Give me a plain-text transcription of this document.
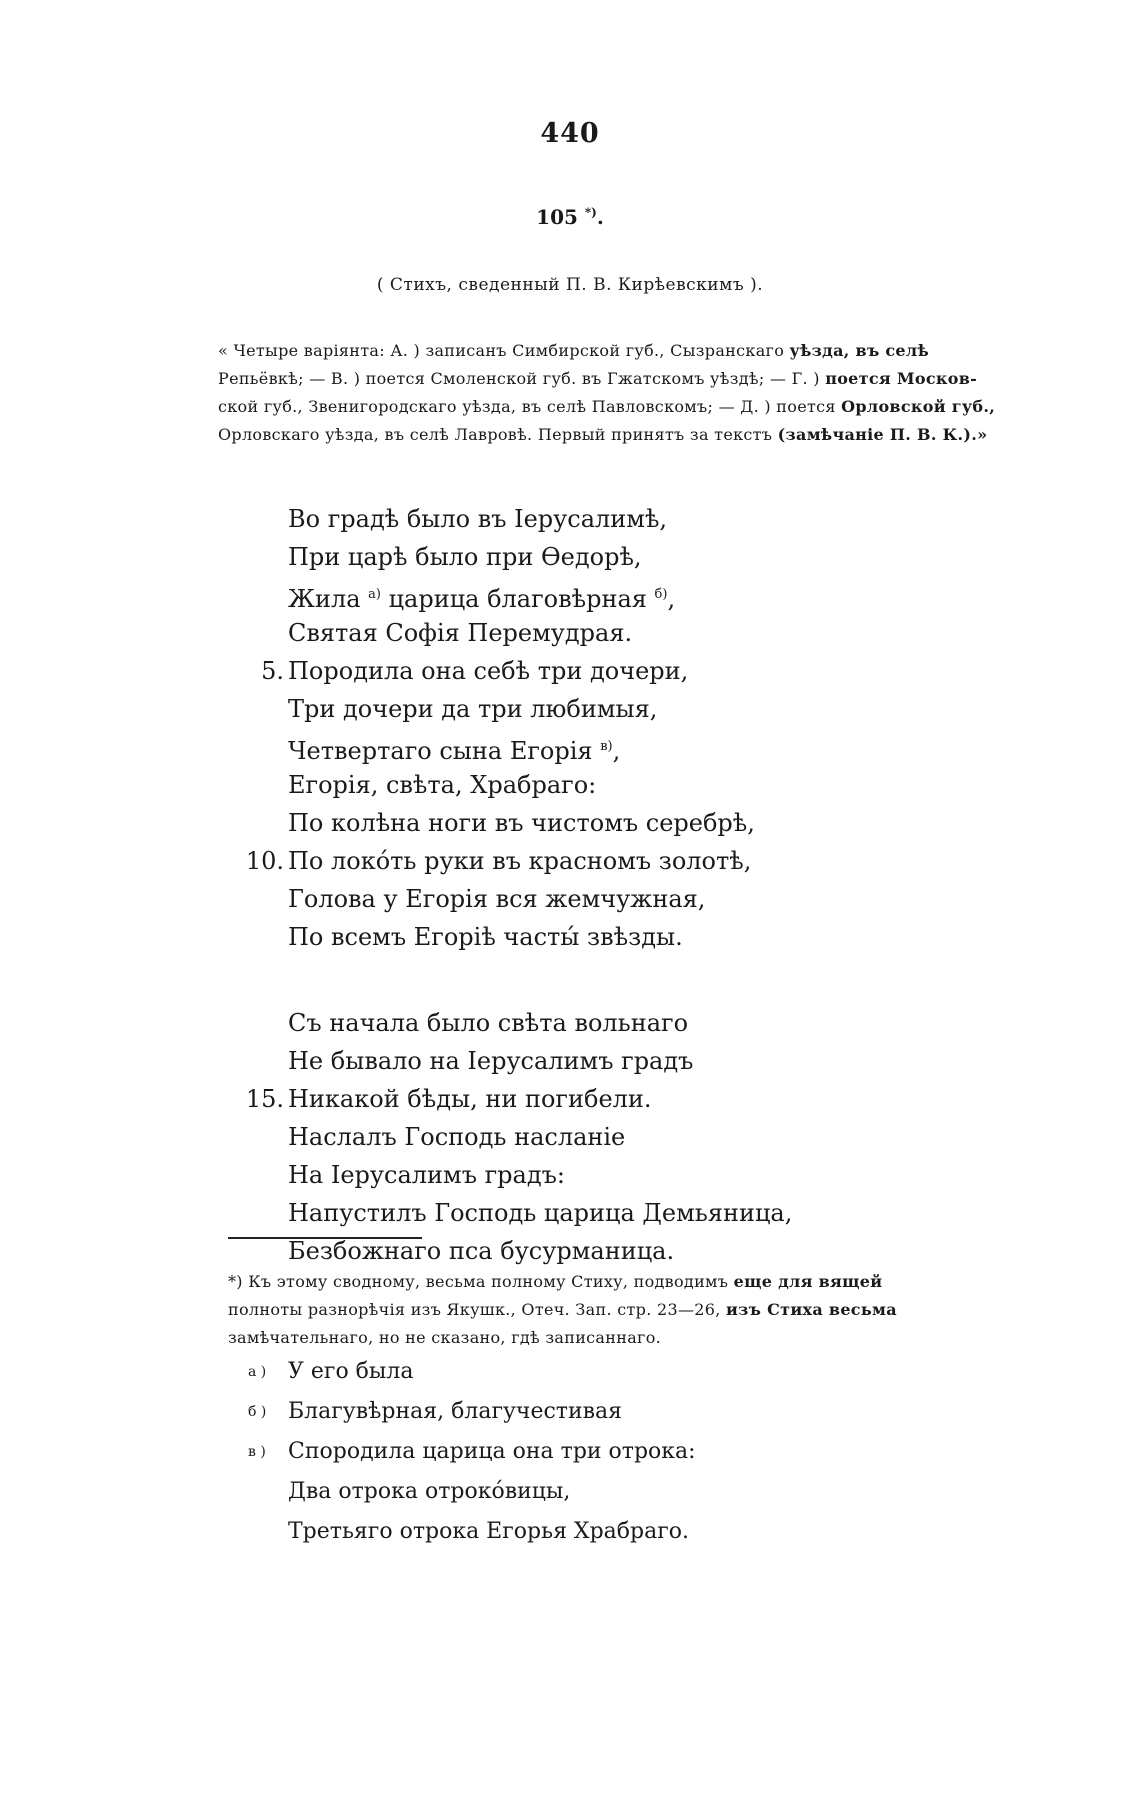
440
105 *).
( Стихъ, сведенный П. В. Кирѣевскимъ ).
« Четыре варіянта: А. ) записанъ Симбирской губ., Сызранскаго уѣзда, въ селѣ
Репьёвкѣ; — В. ) поется Смоленской губ. въ Гжатскомъ уѣздѣ; — Г. ) поется Москов-
ской губ., Звенигородскаго уѣзда, въ селѣ Павловскомъ; — Д. ) поется Орловской губ.,
Орловскаго уѣзда, въ селѣ Лавровѣ. Первый принятъ за текстъ (замѣчаніе П. В. К.).»
Во градѣ было въ Іерусалимѣ,
При царѣ было при Ѳедорѣ,
Жила $^{а)}$ царица благовѣрная $^{б)}$,
Святая Софія Перемудрая.
5. Породила она себѣ три дочери,
Три дочери да три любимыя,
Четвертаго сына Егорія $^{в)}$,
Егорія, свѣта, Храбраго:
По колѣна ноги въ чистомъ серебрѣ,
10. По локо́ть руки въ красномъ золотѣ,
Голова у Егорія вся жемчужная,
По всемъ Егоріѣ часты́ звѣзды.
Съ начала было свѣта вольнаго
Не бывало на Іерусалимъ градъ
15. Никакой бѣды, ни погибели.
Наслалъ Господь насланіе
На Іерусалимъ градъ:
Напустилъ Господь царица Демьяница,
Безбожнаго пса бусурманица.
*) Къ этому сводному, весьма полному Стиху, подводимъ еще для вящей
полноты разнорѣчія изъ Якушк., Отеч. Зап. стр. 23—26, изъ Стиха весьма
замѣчательнаго, но не сказано, гдѣ записаннаго.
а ) У его была
б ) Благувѣрная, благучестивая
в )	Спородила царица она три отрока:
Два отрока отроко́вицы,
Третьяго отрока Егорья Храбраго.
